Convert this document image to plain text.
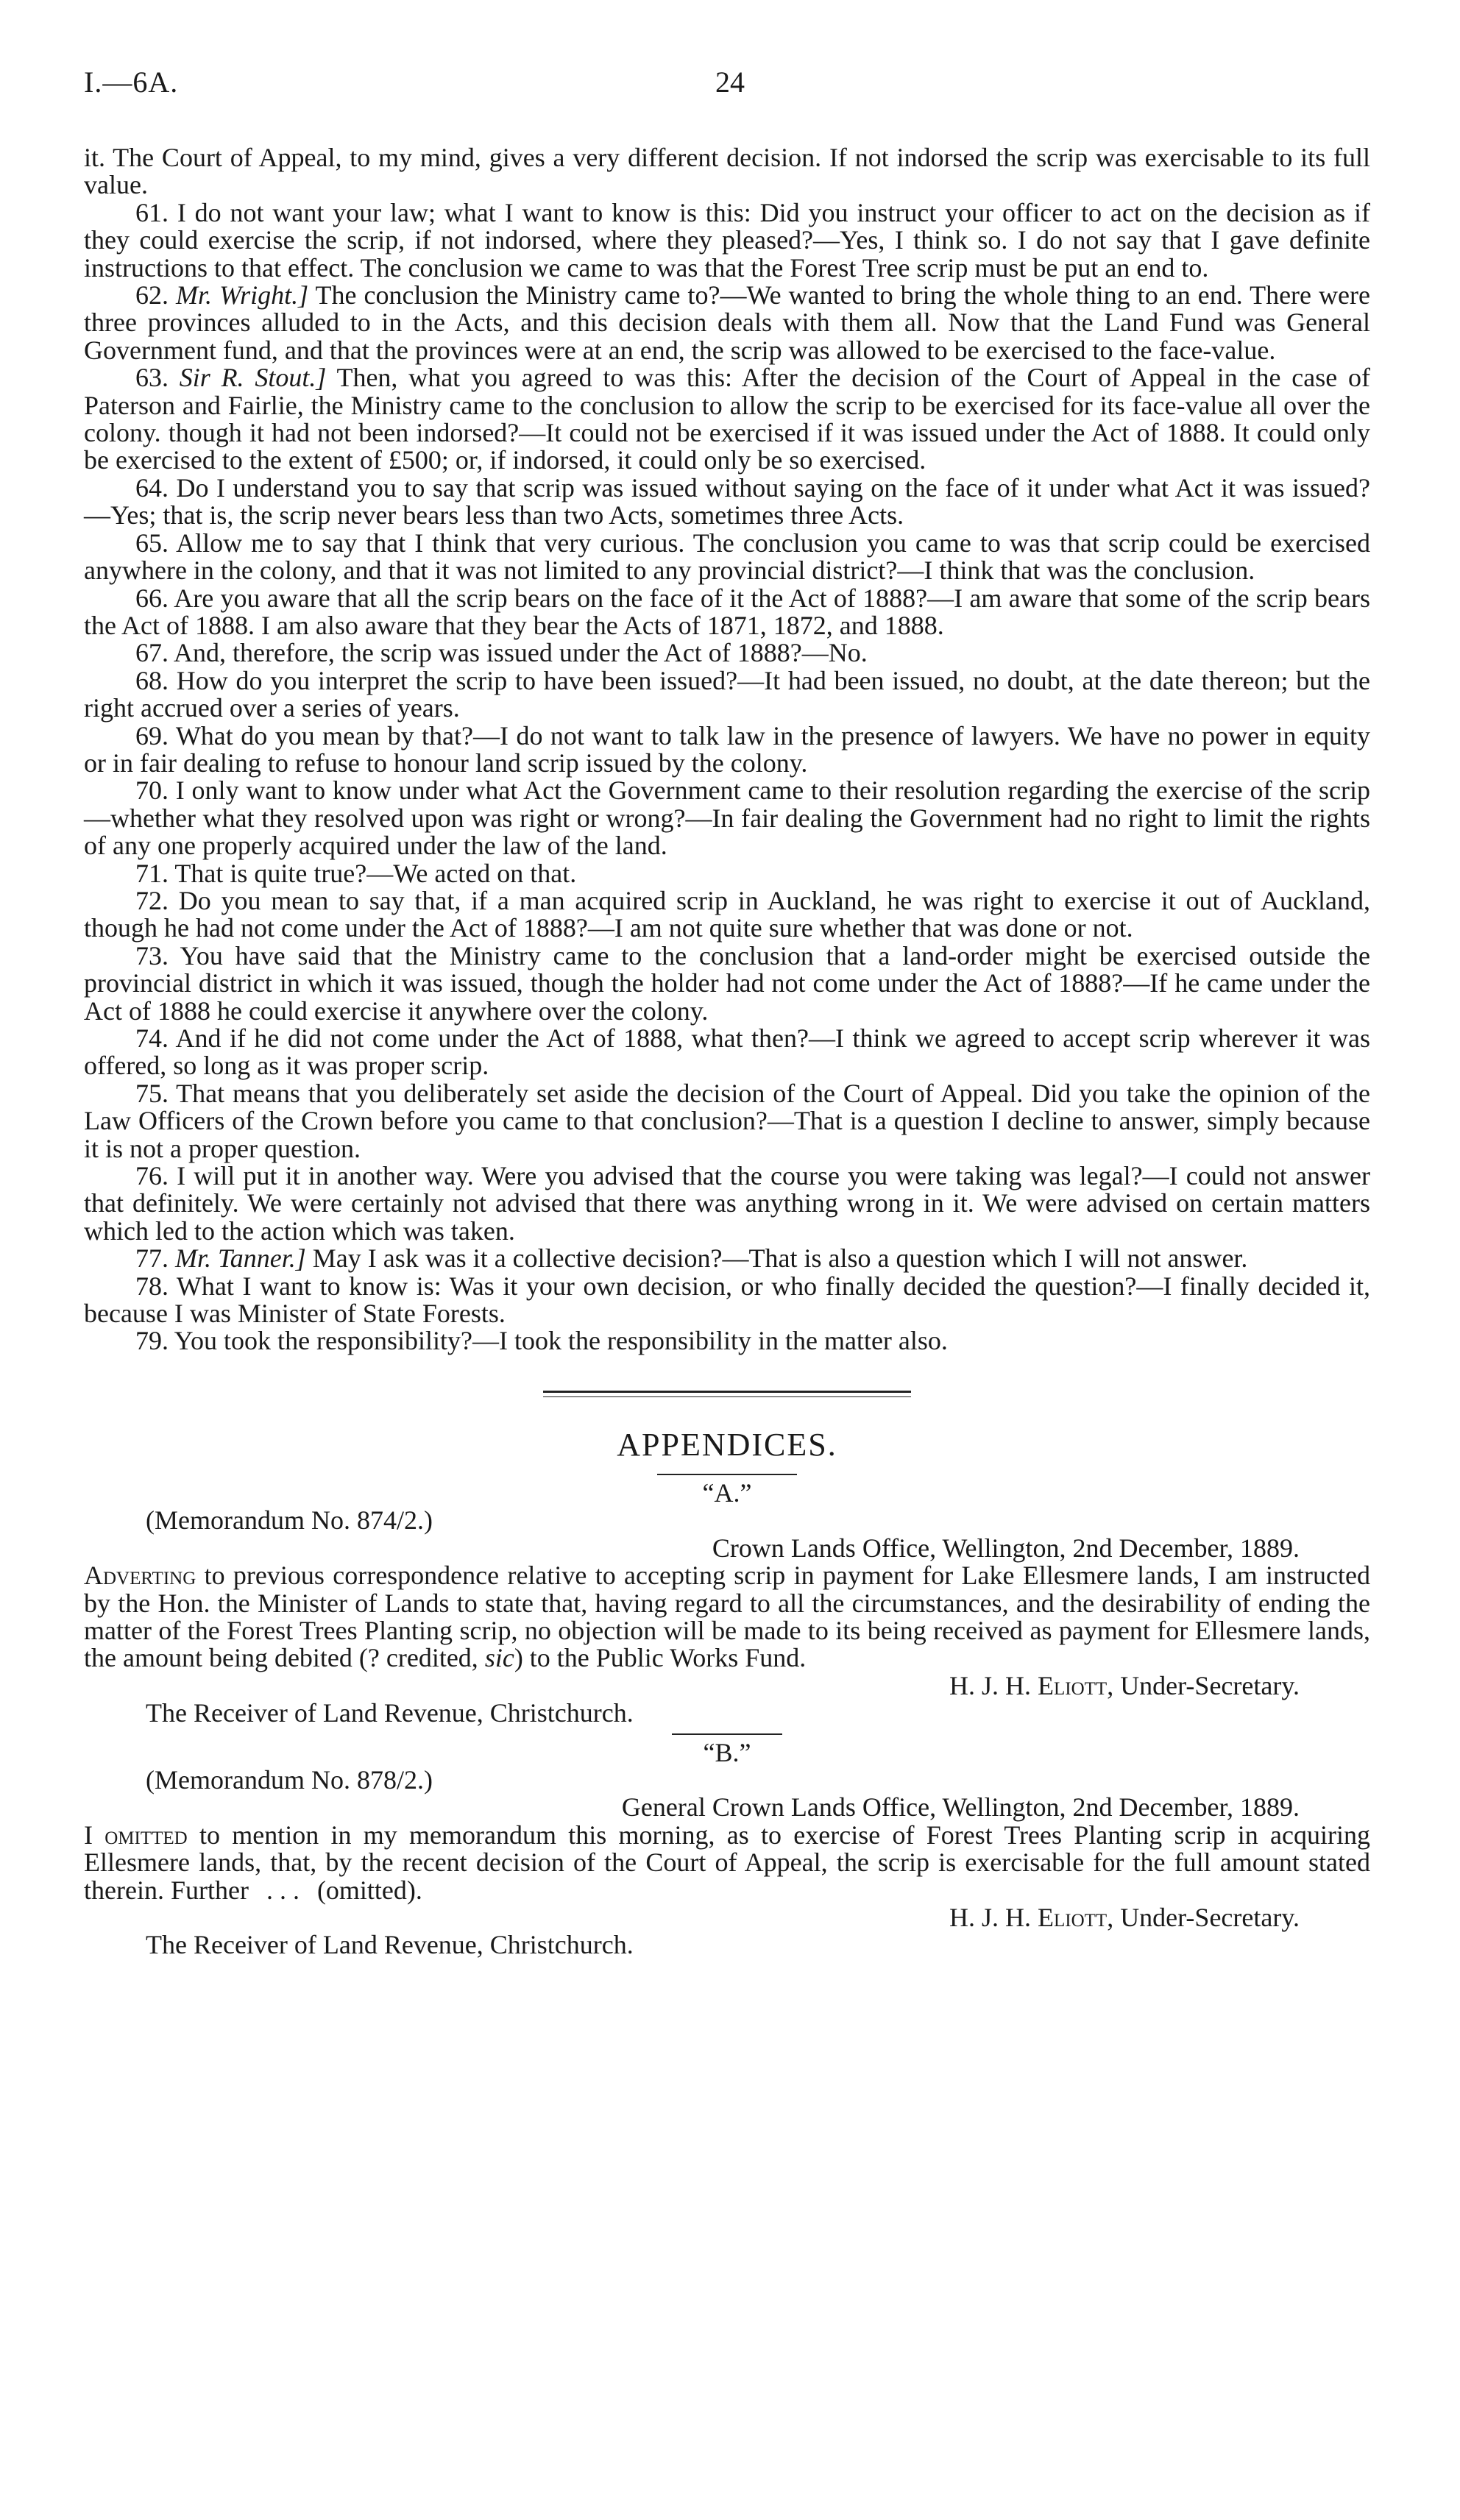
I.—6A.	24

it. The Court of Appeal, to my mind, gives a very different decision. If not indorsed the scrip was exercisable to its full value.

61. I do not want your law; what I want to know is this: Did you instruct your officer to act on the decision as if they could exercise the scrip, if not indorsed, where they pleased?—Yes, I think so. I do not say that I gave definite instructions to that effect. The conclusion we came to was that the Forest Tree scrip must be put an end to.

62. Mr. Wright.] The conclusion the Ministry came to?—We wanted to bring the whole thing to an end. There were three provinces alluded to in the Acts, and this decision deals with them all. Now that the Land Fund was General Government fund, and that the provinces were at an end, the scrip was allowed to be exercised to the face-value.

63. Sir R. Stout.] Then, what you agreed to was this: After the decision of the Court of Appeal in the case of Paterson and Fairlie, the Ministry came to the conclusion to allow the scrip to be exercised for its face-value all over the colony. though it had not been indorsed?—It could not be exercised if it was issued under the Act of 1888. It could only be exercised to the extent of £500; or, if indorsed, it could only be so exercised.

64. Do I understand you to say that scrip was issued without saying on the face of it under what Act it was issued?—Yes; that is, the scrip never bears less than two Acts, sometimes three Acts.

65. Allow me to say that I think that very curious. The conclusion you came to was that scrip could be exercised anywhere in the colony, and that it was not limited to any provincial district?—I think that was the conclusion.

66. Are you aware that all the scrip bears on the face of it the Act of 1888?—I am aware that some of the scrip bears the Act of 1888. I am also aware that they bear the Acts of 1871, 1872, and 1888.

67. And, therefore, the scrip was issued under the Act of 1888?—No.

68. How do you interpret the scrip to have been issued?—It had been issued, no doubt, at the date thereon; but the right accrued over a series of years.

69. What do you mean by that?—I do not want to talk law in the presence of lawyers. We have no power in equity or in fair dealing to refuse to honour land scrip issued by the colony.

70. I only want to know under what Act the Government came to their resolution regarding the exercise of the scrip—whether what they resolved upon was right or wrong?—In fair dealing the Government had no right to limit the rights of any one properly acquired under the law of the land.

71. That is quite true?—We acted on that.

72. Do you mean to say that, if a man acquired scrip in Auckland, he was right to exercise it out of Auckland, though he had not come under the Act of 1888?—I am not quite sure whether that was done or not.

73. You have said that the Ministry came to the conclusion that a land-order might be exercised outside the provincial district in which it was issued, though the holder had not come under the Act of 1888?—If he came under the Act of 1888 he could exercise it anywhere over the colony.

74. And if he did not come under the Act of 1888, what then?—I think we agreed to accept scrip wherever it was offered, so long as it was proper scrip.

75. That means that you deliberately set aside the decision of the Court of Appeal. Did you take the opinion of the Law Officers of the Crown before you came to that conclusion?—That is a question I decline to answer, simply because it is not a proper question.

76. I will put it in another way. Were you advised that the course you were taking was legal?—I could not answer that definitely. We were certainly not advised that there was anything wrong in it. We were advised on certain matters which led to the action which was taken.

77. Mr. Tanner.] May I ask was it a collective decision?—That is also a question which I will not answer.

78. What I want to know is: Was it your own decision, or who finally decided the question?—I finally decided it, because I was Minister of State Forests.

79. You took the responsibility?—I took the responsibility in the matter also.

APPENDICES.
“A.”
(Memorandum No. 874/2.)
Crown Lands Office, Wellington, 2nd December, 1889.

Adverting to previous correspondence relative to accepting scrip in payment for Lake Ellesmere lands, I am instructed by the Hon. the Minister of Lands to state that, having regard to all the circumstances, and the desirability of ending the matter of the Forest Trees Planting scrip, no objection will be made to its being received as payment for Ellesmere lands, the amount being debited (? credited, sic) to the Public Works Fund.

H. J. H. Eliott, Under-Secretary.
The Receiver of Land Revenue, Christchurch.
“B.”
(Memorandum No. 878/2.)
General Crown Lands Office, Wellington, 2nd December, 1889.

I omitted to mention in my memorandum this morning, as to exercise of Forest Trees Planting scrip in acquiring Ellesmere lands, that, by the recent decision of the Court of Appeal, the scrip is exercisable for the full amount stated therein. Further . . . (omitted).

H. J. H. Eliott, Under-Secretary.
The Receiver of Land Revenue, Christchurch.
